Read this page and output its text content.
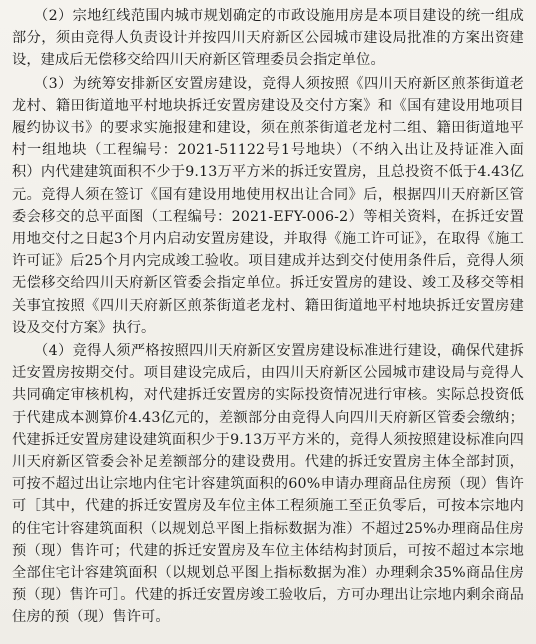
　　（2）宗地红线范围内城市规划确定的市政设施用房是本项目建设的统一组成部分，须由竞得人负责设计并按四川天府新区公园城市建设局批准的方案出资建设，建成后无偿移交给四川天府新区管理委员会指定单位。

　　（3）为统筹安排新区安置房建设，竞得人须按照《四川天府新区煎茶街道老龙村、籍田街道地平村地块拆迁安置房建设及交付方案》和《国有建设用地项目履约协议书》的要求实施报建和建设，须在煎茶街道老龙村二组、籍田街道地平村一组地块（工程编号：2021-51122号1号地块）（不纳入出让及持证准入面积）内代建建筑面积不少于9.13万平方米的拆迁安置房，且总投资不低于4.43亿元。竞得人须在签订《国有建设用地使用权出让合同》后，根据四川天府新区管委会移交的总平面图（工程编号：2021-EFY-006-2）等相关资料，在拆迁安置用地交付之日起3个月内启动安置房建设，并取得《施工许可证》，在取得《施工许可证》后25个月内完成竣工验收。项目建成并达到交付使用条件后，竞得人须无偿移交给四川天府新区管委会指定单位。拆迁安置房的建设、竣工及移交等相关事宜按照《四川天府新区煎茶街道老龙村、籍田街道地平村地块拆迁安置房建设及交付方案》执行。

　　（4）竞得人须严格按照四川天府新区安置房建设标准进行建设，确保代建拆迁安置房按期交付。项目建设完成后，由四川天府新区公园城市建设局与竞得人共同确定审核机构，对代建拆迁安置房的实际投资情况进行审核。实际总投资低于代建成本测算价4.43亿元的，差额部分由竞得人向四川天府新区管委会缴纳；代建拆迁安置房建设建筑面积少于9.13万平方米的，竞得人须按照建设标准向四川天府新区管委会补足差额部分的建设费用。代建的拆迁安置房主体全部封顶，可按不超过出让宗地内住宅计容建筑面积的60%申请办理商品住房预（现）售许可［其中，代建的拆迁安置房及车位主体工程须施工至正负零后，可按本宗地内的住宅计容建筑面积（以规划总平图上指标数据为准）不超过25%办理商品住房预（现）售许可；代建的拆迁安置房及车位主体结构封顶后，可按不超过本宗地全部住宅计容建筑面积（以规划总平图上指标数据为准）办理剩余35%商品住房预（现）售许可］。代建的拆迁安置房竣工验收后，方可办理出让宗地内剩余商品住房的预（现）售许可。
